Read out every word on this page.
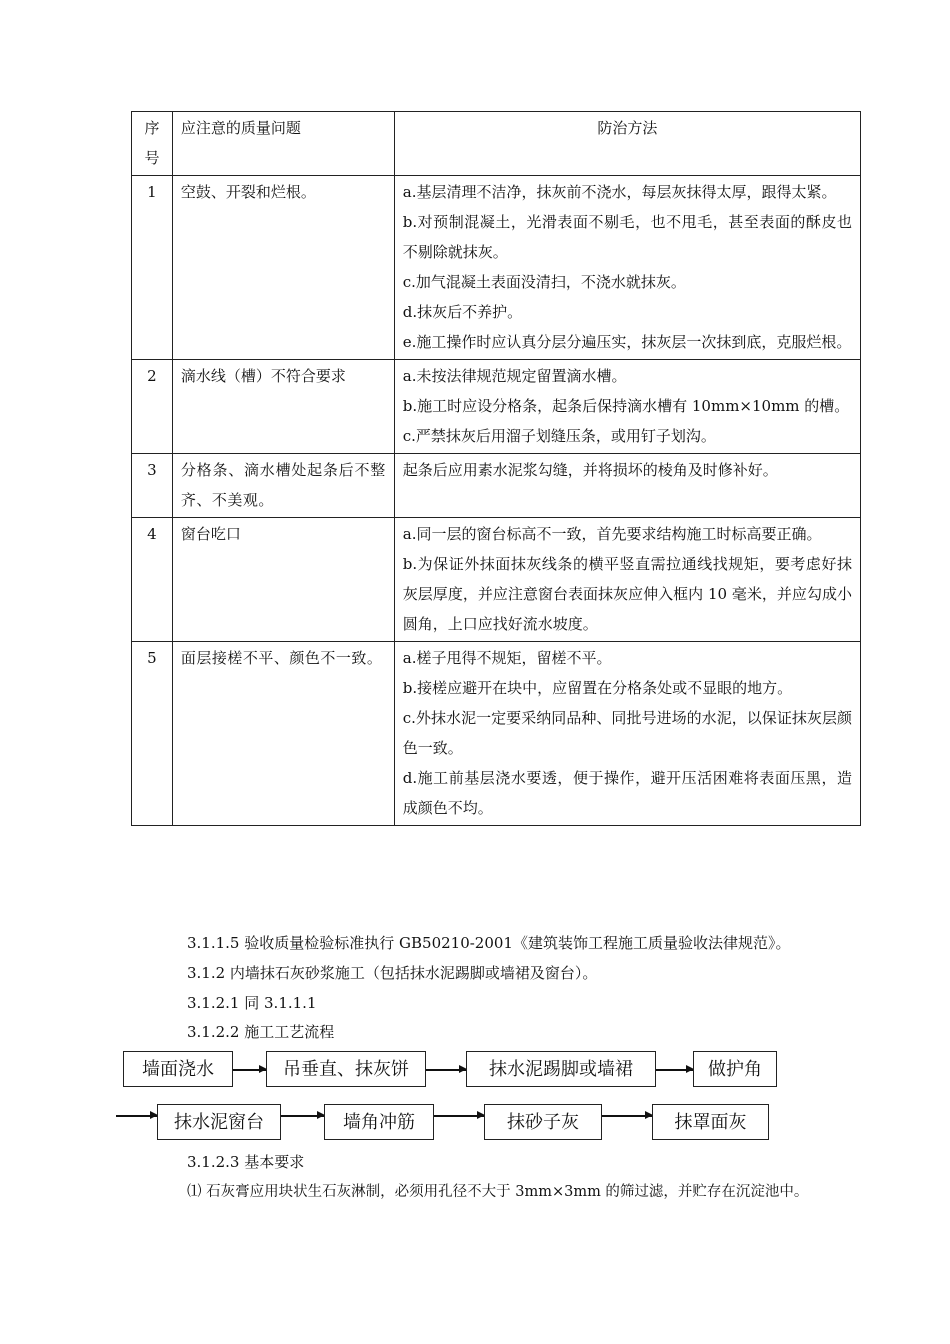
序号	应注意的质量问题	防治方法
1	空鼓、开裂和烂根。	a.基层清理不洁净，抹灰前不浇水，每层灰抹得太厚，跟得太紧。
b.对预制混凝土，光滑表面不剔毛，也不甩毛，甚至表面的酥皮也不剔除就抹灰。
c.加气混凝土表面没清扫，不浇水就抹灰。
d.抹灰后不养护。
e.施工操作时应认真分层分遍压实，抹灰层一次抹到底，克服烂根。

2	滴水线（槽）不符合要求	a.未按法律规范规定留置滴水槽。
b.施工时应设分格条，起条后保持滴水槽有 10mm×10mm 的槽。
c.严禁抹灰后用溜子划缝压条，或用钉子划沟。

3	分格条、滴水槽处起条后不整齐、不美观。	起条后应用素水泥浆勾缝，并将损坏的棱角及时修补好。

4	窗台吃口	a.同一层的窗台标高不一致，首先要求结构施工时标高要正确。
b.为保证外抹面抹灰线条的横平竖直需拉通线找规矩，要考虑好抹灰层厚度，并应注意窗台表面抹灰应伸入框内 10 毫米，并应勾成小圆角，上口应找好流水坡度。

5	面层接槎不平、颜色不一致。	a.槎子甩得不规矩，留槎不平。
b.接槎应避开在块中，应留置在分格条处或不显眼的地方。
c.外抹水泥一定要采纳同品种、同批号进场的水泥，以保证抹灰层颜色一致。
d.施工前基层浇水要透，便于操作，避开压活困难将表面压黑，造成颜色不均。
3.1.1.5 验收质量检验标准执行 GB50210-2001《建筑装饰工程施工质量验收法律规范》。
3.1.2 内墙抹石灰砂浆施工（包括抹水泥踢脚或墙裙及窗台）。
3.1.2.1 同 3.1.1.1
3.1.2.2 施工工艺流程
墙面浇水	吊垂直、抹灰饼	抹水泥踢脚或墙裙	做护角
抹水泥窗台	墙角冲筋	抹砂子灰	抹罩面灰
3.1.2.3 基本要求
⑴ 石灰膏应用块状生石灰淋制，必须用孔径不大于 3mm×3mm 的筛过滤，并贮存在沉淀池中。
